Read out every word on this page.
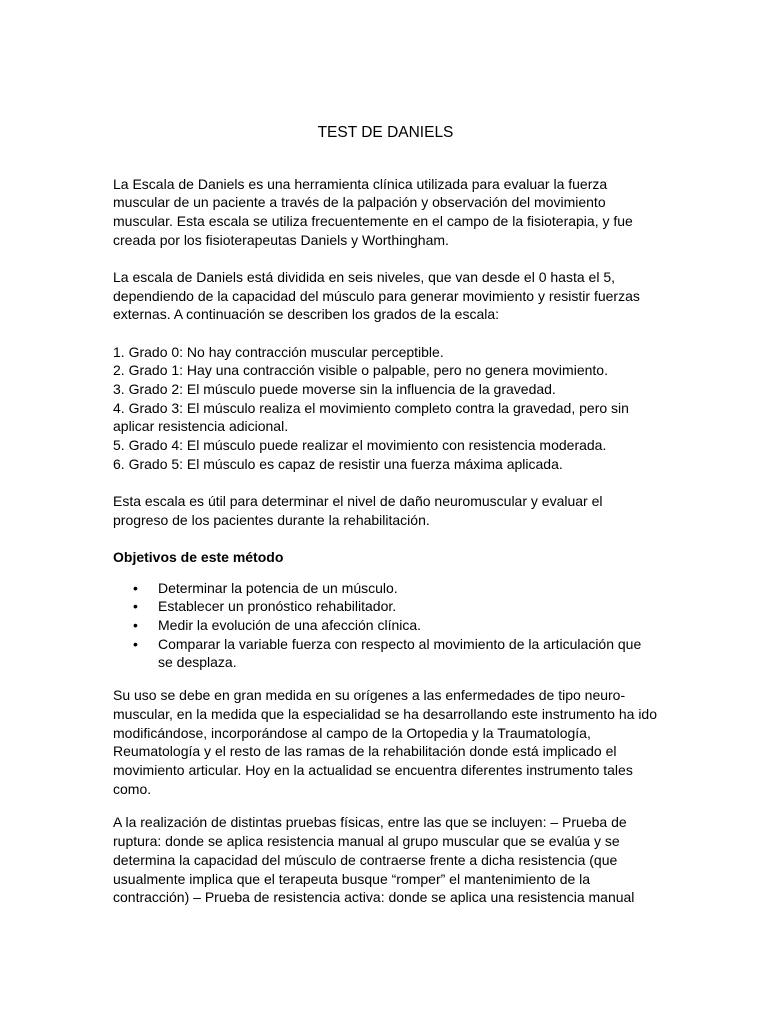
TEST DE DANIELS

La Escala de Daniels es una herramienta clínica utilizada para evaluar la fuerza muscular de un paciente a través de la palpación y observación del movimiento muscular. Esta escala se utiliza frecuentemente en el campo de la fisioterapia, y fue creada por los fisioterapeutas Daniels y Worthingham.

La escala de Daniels está dividida en seis niveles, que van desde el 0 hasta el 5, dependiendo de la capacidad del músculo para generar movimiento y resistir fuerzas externas. A continuación se describen los grados de la escala:

1. Grado 0: No hay contracción muscular perceptible.
2. Grado 1: Hay una contracción visible o palpable, pero no genera movimiento.
3. Grado 2: El músculo puede moverse sin la influencia de la gravedad.
4. Grado 3: El músculo realiza el movimiento completo contra la gravedad, pero sin aplicar resistencia adicional.
5. Grado 4: El músculo puede realizar el movimiento con resistencia moderada.
6. Grado 5: El músculo es capaz de resistir una fuerza máxima aplicada.

Esta escala es útil para determinar el nivel de daño neuromuscular y evaluar el progreso de los pacientes durante la rehabilitación.

Objetivos de este método

• Determinar la potencia de un músculo.
• Establecer un pronóstico rehabilitador.
• Medir la evolución de una afección clínica.
• Comparar la variable fuerza con respecto al movimiento de la articulación que se desplaza.

Su uso se debe en gran medida en su orígenes a las enfermedades de tipo neuro-muscular, en la medida que la especialidad se ha desarrollando este instrumento ha ido modificándose, incorporándose al campo de la Ortopedia y la Traumatología, Reumatología y el resto de las ramas de la rehabilitación donde está implicado el movimiento articular. Hoy en la actualidad se encuentra diferentes instrumento tales como.

A la realización de distintas pruebas físicas, entre las que se incluyen: – Prueba de ruptura: donde se aplica resistencia manual al grupo muscular que se evalúa y se determina la capacidad del músculo de contraerse frente a dicha resistencia (que usualmente implica que el terapeuta busque “romper” el mantenimiento de la contracción) – Prueba de resistencia activa: donde se aplica una resistencia manual
